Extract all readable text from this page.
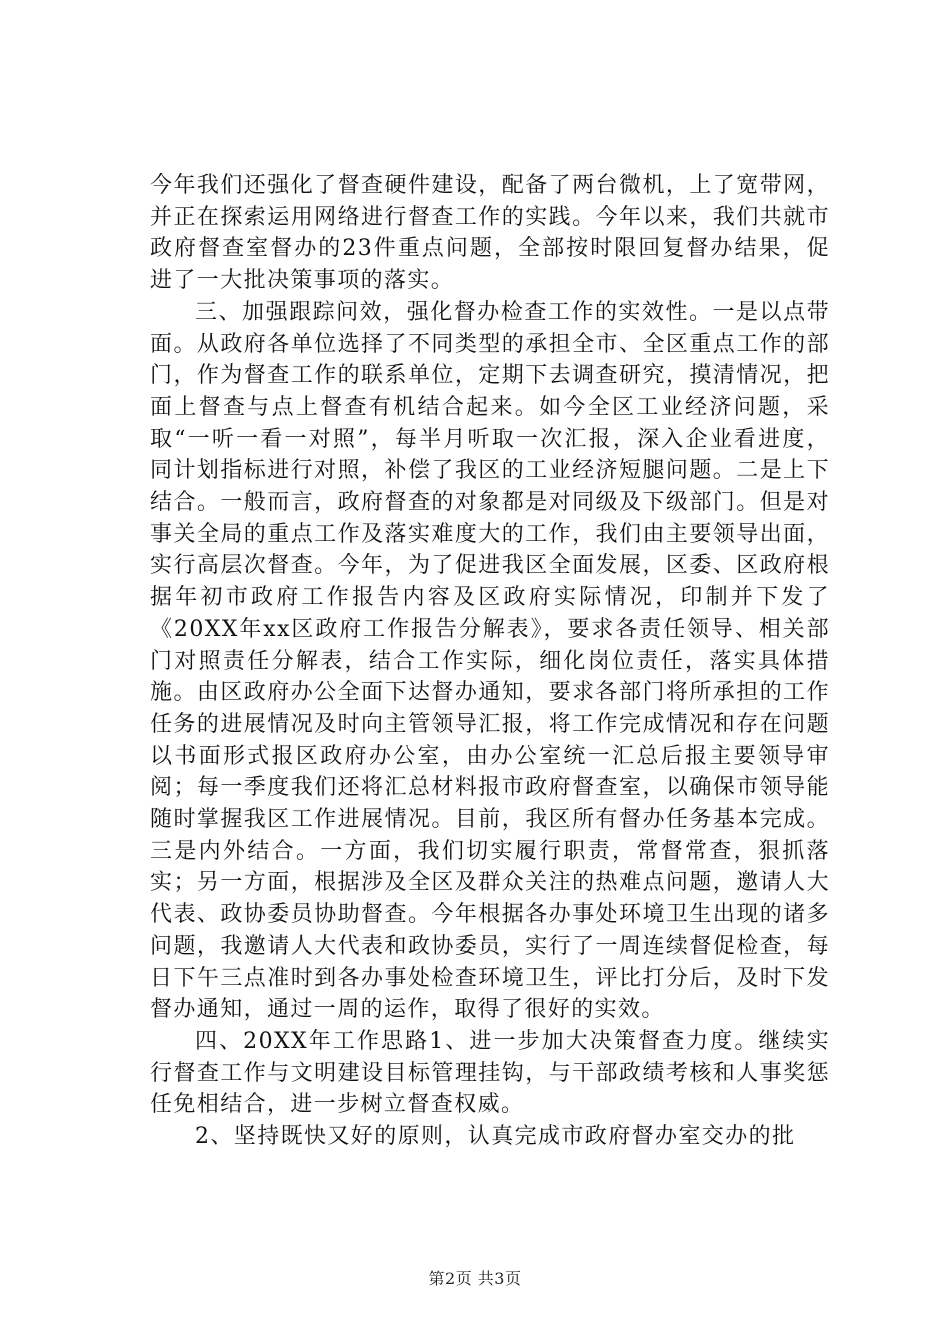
今年我们还强化了督查硬件建设，配备了两台微机，上了宽带网，并正在探索运用网络进行督查工作的实践。今年以来，我们共就市政府督查室督办的23件重点问题，全部按时限回复督办结果，促进了一大批决策事项的落实。

三、加强跟踪问效，强化督办检查工作的实效性。一是以点带面。从政府各单位选择了不同类型的承担全市、全区重点工作的部门，作为督查工作的联系单位，定期下去调查研究，摸清情况，把面上督查与点上督查有机结合起来。如今全区工业经济问题，采取“一听一看一对照”，每半月听取一次汇报，深入企业看进度，同计划指标进行对照，补偿了我区的工业经济短腿问题。二是上下结合。一般而言，政府督查的对象都是对同级及下级部门。但是对事关全局的重点工作及落实难度大的工作，我们由主要领导出面，实行高层次督查。今年，为了促进我区全面发展，区委、区政府根据年初市政府工作报告内容及区政府实际情况，印制并下发了《20XX年xx区政府工作报告分解表》，要求各责任领导、相关部门对照责任分解表，结合工作实际，细化岗位责任，落实具体措施。由区政府办公全面下达督办通知，要求各部门将所承担的工作任务的进展情况及时向主管领导汇报，将工作完成情况和存在问题以书面形式报区政府办公室，由办公室统一汇总后报主要领导审阅；每一季度我们还将汇总材料报市政府督查室，以确保市领导能随时掌握我区工作进展情况。目前，我区所有督办任务基本完成。三是内外结合。一方面，我们切实履行职责，常督常查，狠抓落实；另一方面，根据涉及全区及群众关注的热难点问题，邀请人大代表、政协委员协助督查。今年根据各办事处环境卫生出现的诸多问题，我邀请人大代表和政协委员，实行了一周连续督促检查，每日下午三点准时到各办事处检查环境卫生，评比打分后，及时下发督办通知，通过一周的运作，取得了很好的实效。

四、20XX年工作思路1、进一步加大决策督查力度。继续实行督查工作与文明建设目标管理挂钩，与干部政绩考核和人事奖惩任免相结合，进一步树立督查权威。

2、坚持既快又好的原则，认真完成市政府督办室交办的批

第2页 共3页
